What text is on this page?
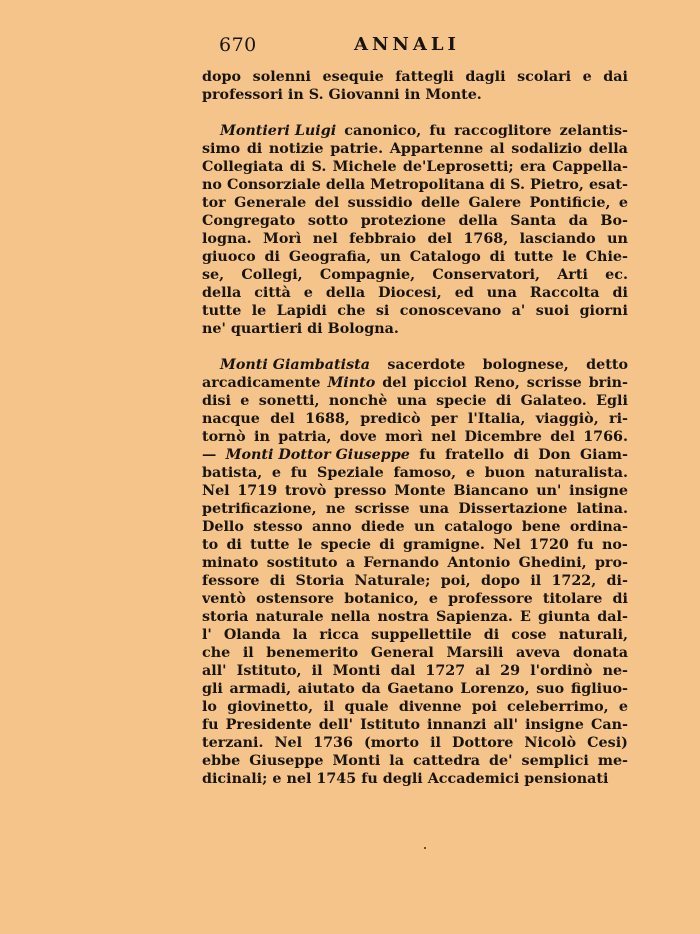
670	ANNALI
dopo solenni esequie fattegli dagli scolari e dai
professori in S. Giovanni in Monte.
Montieri Luigi canonico, fu raccoglitore zelantis-
simo di notizie patrie. Appartenne al sodalizio della
Collegiata di S. Michele de'Leprosetti; era Cappella-
no Consorziale della Metropolitana di S. Pietro, esat-
tor Generale del sussidio delle Galere Pontificie, e
Congregato sotto protezione della Santa da Bo-
logna. Morì nel febbraio del 1768, lasciando un
giuoco di Geografia, un Catalogo di tutte le Chie-
se, Collegi, Compagnie, Conservatori, Arti ec.
della città e della Diocesi, ed una Raccolta di
tutte le Lapidi che si conoscevano a' suoi giorni
ne' quartieri di Bologna.
Monti Giambatista sacerdote bolognese, detto
arcadicamente Minto del picciol Reno, scrisse brin-
disi e sonetti, nonchè una specie di Galateo. Egli
nacque del 1688, predicò per l'Italia, viaggiò, ri-
tornò in patria, dove morì nel Dicembre del 1766.
— Monti Dottor Giuseppe fu fratello di Don Giam-
batista, e fu Speziale famoso, e buon naturalista.
Nel 1719 trovò presso Monte Biancano un' insigne
petrificazione, ne scrisse una Dissertazione latina.
Dello stesso anno diede un catalogo bene ordina-
to di tutte le specie di gramigne. Nel 1720 fu no-
minato sostituto a Fernando Antonio Ghedini, pro-
fessore di Storia Naturale; poi, dopo il 1722, di-
ventò ostensore botanico, e professore titolare di
storia naturale nella nostra Sapienza. E giunta dal-
l' Olanda la ricca suppellettile di cose naturali,
che il benemerito General Marsili aveva donata
all' Istituto, il Monti dal 1727 al 29 l'ordinò ne-
gli armadi, aiutato da Gaetano Lorenzo, suo figliuo-
lo giovinetto, il quale divenne poi celeberrimo, e
fu Presidente dell' Istituto innanzi all' insigne Can-
terzani. Nel 1736 (morto il Dottore Nicolò Cesi)
ebbe Giuseppe Monti la cattedra de' semplici me-
dicinali; e nel 1745 fu degli Accademici pensionati
